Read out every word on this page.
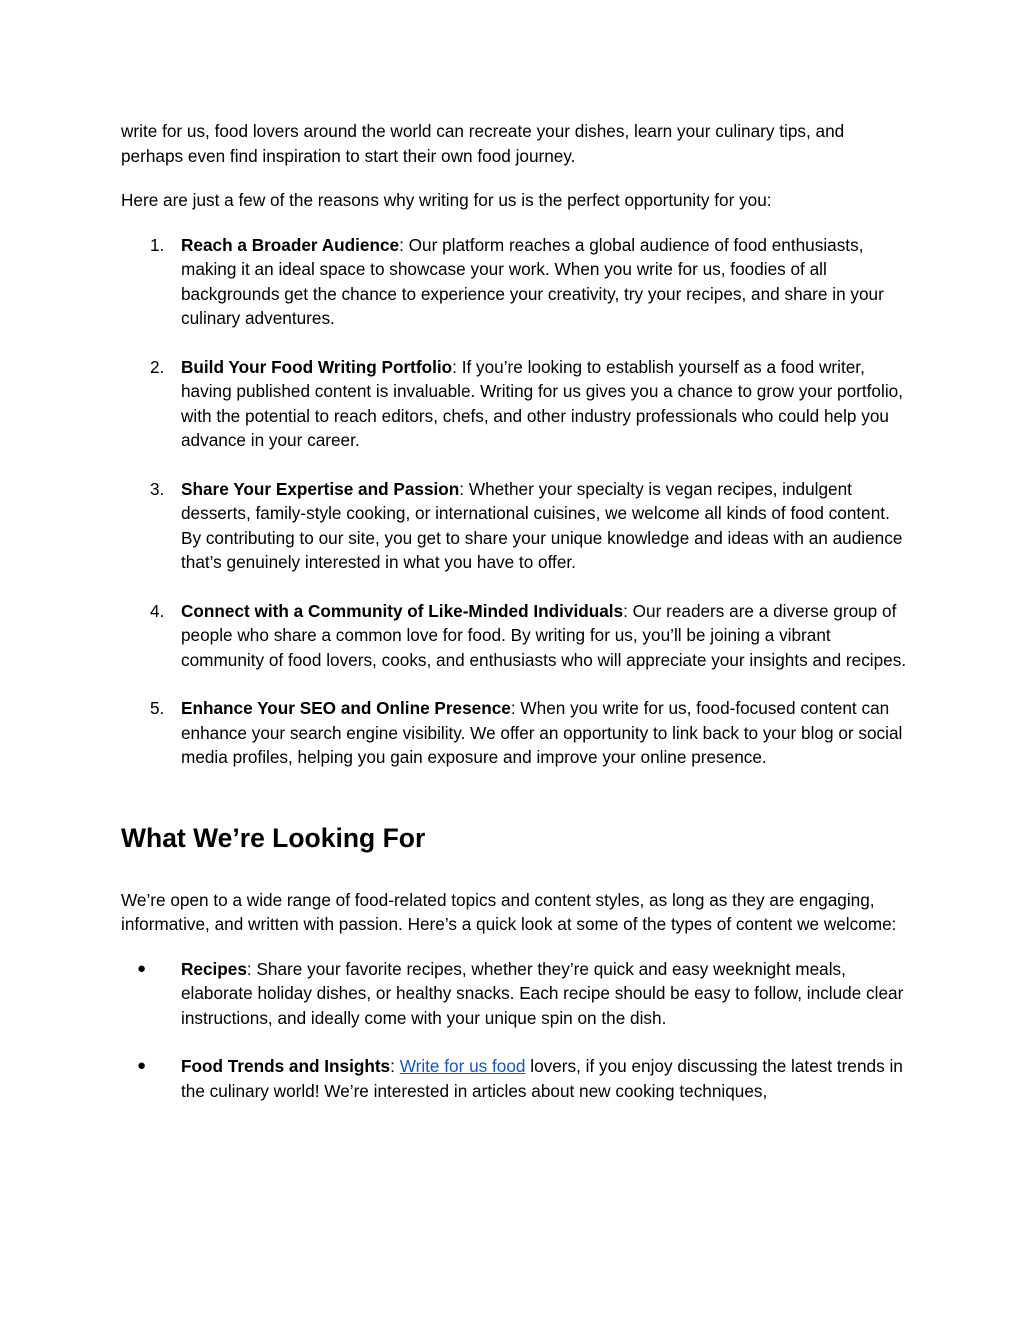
write for us, food lovers around the world can recreate your dishes, learn your culinary tips, and perhaps even find inspiration to start their own food journey.

Here are just a few of the reasons why writing for us is the perfect opportunity for you:

1. Reach a Broader Audience: Our platform reaches a global audience of food enthusiasts, making it an ideal space to showcase your work. When you write for us, foodies of all backgrounds get the chance to experience your creativity, try your recipes, and share in your culinary adventures.
2. Build Your Food Writing Portfolio: If you’re looking to establish yourself as a food writer, having published content is invaluable. Writing for us gives you a chance to grow your portfolio, with the potential to reach editors, chefs, and other industry professionals who could help you advance in your career.
3. Share Your Expertise and Passion: Whether your specialty is vegan recipes, indulgent desserts, family-style cooking, or international cuisines, we welcome all kinds of food content. By contributing to our site, you get to share your unique knowledge and ideas with an audience that’s genuinely interested in what you have to offer.
4. Connect with a Community of Like-Minded Individuals: Our readers are a diverse group of people who share a common love for food. By writing for us, you’ll be joining a vibrant community of food lovers, cooks, and enthusiasts who will appreciate your insights and recipes.
5. Enhance Your SEO and Online Presence: When you write for us, food-focused content can enhance your search engine visibility. We offer an opportunity to link back to your blog or social media profiles, helping you gain exposure and improve your online presence.
What We’re Looking For

We’re open to a wide range of food-related topics and content styles, as long as they are engaging, informative, and written with passion. Here’s a quick look at some of the types of content we welcome:

● Recipes: Share your favorite recipes, whether they’re quick and easy weeknight meals, elaborate holiday dishes, or healthy snacks. Each recipe should be easy to follow, include clear instructions, and ideally come with your unique spin on the dish.
● Food Trends and Insights: Write for us food lovers, if you enjoy discussing the latest trends in the culinary world! We’re interested in articles about new cooking techniques,
